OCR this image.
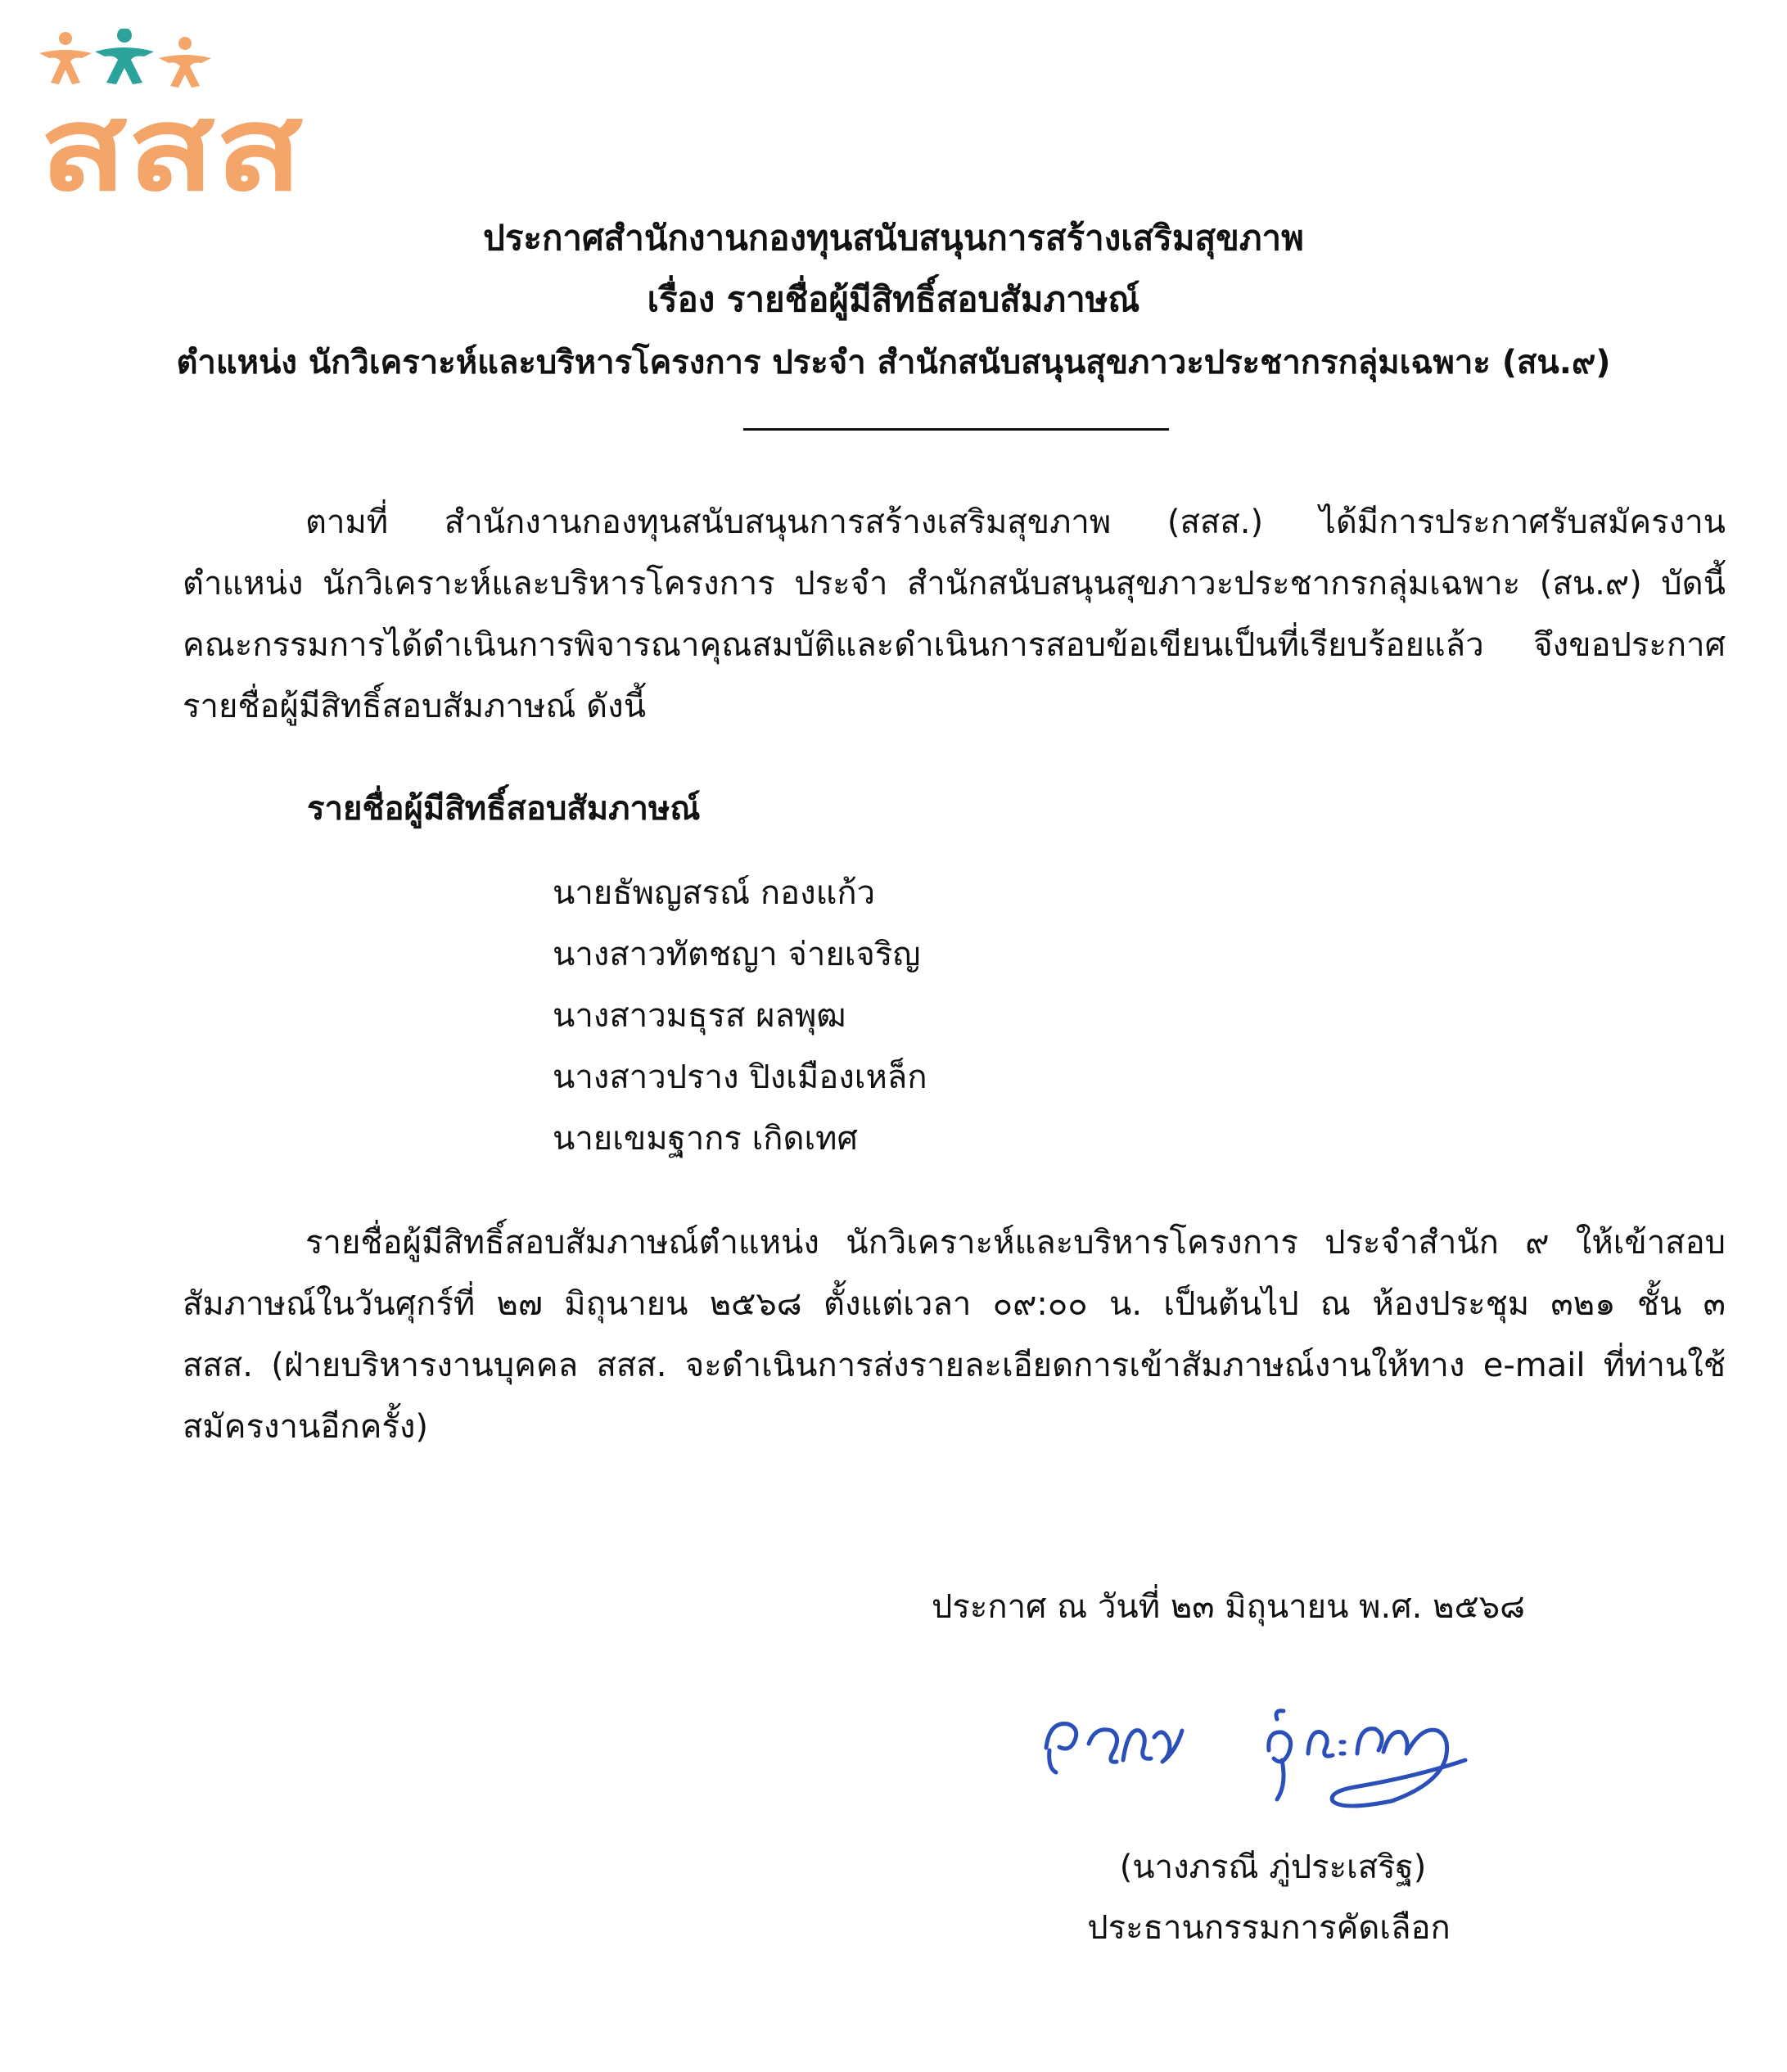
สสส
ประกาศสำนักงานกองทุนสนับสนุนการสร้างเสริมสุขภาพ
เรื่อง รายชื่อผู้มีสิทธิ์สอบสัมภาษณ์
ตำแหน่ง นักวิเคราะห์และบริหารโครงการ ประจำ สำนักสนับสนุนสุขภาวะประชากรกลุ่มเฉพาะ (สน.๙)
ตามที่ สำนักงานกองทุนสนับสนุนการสร้างเสริมสุขภาพ (สสส.) ได้มีการประกาศรับสมัครงาน
ตำแหน่ง นักวิเคราะห์และบริหารโครงการ ประจำ สำนักสนับสนุนสุขภาวะประชากรกลุ่มเฉพาะ (สน.๙) บัดนี้
คณะกรรมการได้ดำเนินการพิจารณาคุณสมบัติและดำเนินการสอบข้อเขียนเป็นที่เรียบร้อยแล้ว จึงขอประกาศ
รายชื่อผู้มีสิทธิ์สอบสัมภาษณ์ ดังนี้
รายชื่อผู้มีสิทธิ์สอบสัมภาษณ์
นายธัพญสรณ์ กองแก้ว
นางสาวทัตชญา จ่ายเจริญ
นางสาวมธุรส ผลพุฒ
นางสาวปราง ปิงเมืองเหล็ก
นายเขมฐากร เกิดเทศ
รายชื่อผู้มีสิทธิ์สอบสัมภาษณ์ตำแหน่ง นักวิเคราะห์และบริหารโครงการ ประจำสำนัก ๙ ให้เข้าสอบ
สัมภาษณ์ในวันศุกร์ที่ ๒๗ มิถุนายน ๒๕๖๘ ตั้งแต่เวลา ๐๙:๐๐ น. เป็นต้นไป ณ ห้องประชุม ๓๒๑ ชั้น ๓
สสส. (ฝ่ายบริหารงานบุคคล สสส. จะดำเนินการส่งรายละเอียดการเข้าสัมภาษณ์งานให้ทาง e-mail ที่ท่านใช้
สมัครงานอีกครั้ง)
ประกาศ ณ วันที่ ๒๓ มิถุนายน พ.ศ. ๒๕๖๘
(นางภรณี ภู่ประเสริฐ)
ประธานกรรมการคัดเลือก
